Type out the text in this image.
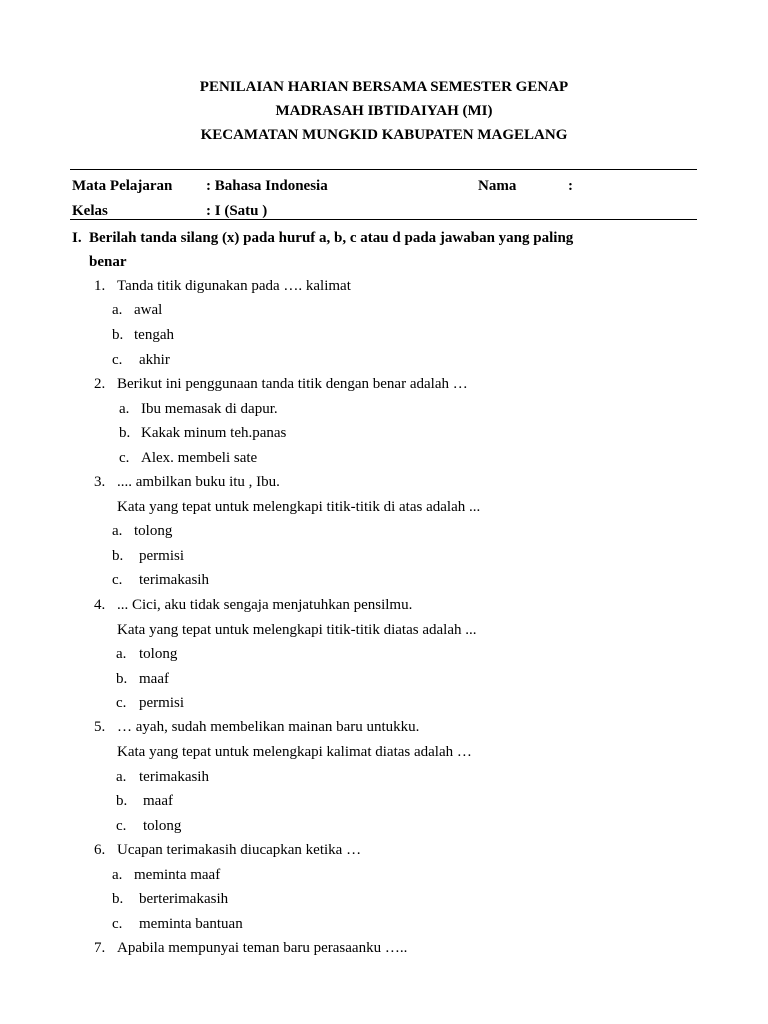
PENILAIAN HARIAN BERSAMA SEMESTER GENAP
MADRASAH IBTIDAIYAH (MI)
KECAMATAN MUNGKID KABUPATEN MAGELANG
Mata Pelajaran : Bahasa Indonesia	Nama	:
Kelas	: I (Satu )
I. Berilah tanda silang (x) pada huruf a, b, c atau d pada jawaban yang paling
benar
1. Tanda titik digunakan pada …. kalimat
a. awal
b. tengah
c. akhir
2. Berikut ini penggunaan tanda titik dengan benar adalah …
a. Ibu memasak di dapur.
b. Kakak minum teh.panas
c. Alex. membeli sate
3. .... ambilkan buku itu , Ibu.
Kata yang tepat untuk melengkapi titik-titik di atas adalah ...
a. tolong
b. permisi
c. terimakasih
4. ... Cici, aku tidak sengaja menjatuhkan pensilmu.
Kata yang tepat untuk melengkapi titik-titik diatas adalah ...
a. tolong
b. maaf
c. permisi
5. … ayah, sudah membelikan mainan baru untukku.
Kata yang tepat untuk melengkapi kalimat diatas adalah …
a. terimakasih
b. maaf
c. tolong
6. Ucapan terimakasih diucapkan ketika …
a. meminta maaf
b. berterimakasih
c. meminta bantuan
7. Apabila mempunyai teman baru perasaanku …..
